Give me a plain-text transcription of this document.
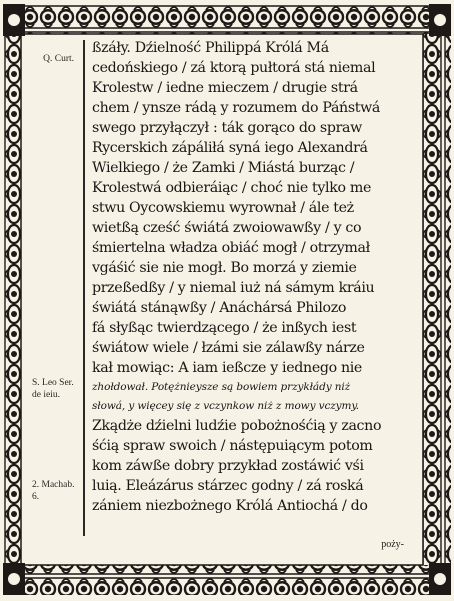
Q. Curt.
S. Leo Ser. de ieiu.
2. Machab. 6.
ßzáły. Dźielność Philippá Królá Má
cedońskiego / zá ktorą pułtorá stá niemal
Krolestw / iedne mieczem / drugie strá
chem / ynsze rádą y rozumem do Páństwá
swego przyłączył : ták gorąco do spraw
Rycerskich zápáliłá syná iego Alexandrá
Wielkiego / że Zamki / Miástá burząc /
Krolestwá odbieráiąc / choć nie tylko me
stwu Oycowskiemu wyrownał / ále też
wietßą cześć świátá zwoiowawßy / y co
śmiertelna władza obiáć mogł / otrzymał
vgáśić sie nie mogł. Bo morzá y ziemie
przeßedßy / y niemal iuż ná sámym kráiu
świátá stánąwßy / Anáchársá Philozo
fá słyßąc twierdzącego / że inßych iest
świátow wiele / łzámi sie zálawßy nárze
kał mowiąc: A iam ießcze y iednego nie
zhołdował. Potężnieysze są bowiem przykłády niż
słowá, y więcey się z vczynkow niż z mowy vczymy.
Zkądże dźielni ludźie pobożnośćią y zacno
śćią spraw swoich / nástępuiącym potom
kom záwße dobry przykład zostáwić vśi
luią. Eleázárus stárzec godny / zá roská
zániem niezbożnego Królá Antiochá / do
poży-
